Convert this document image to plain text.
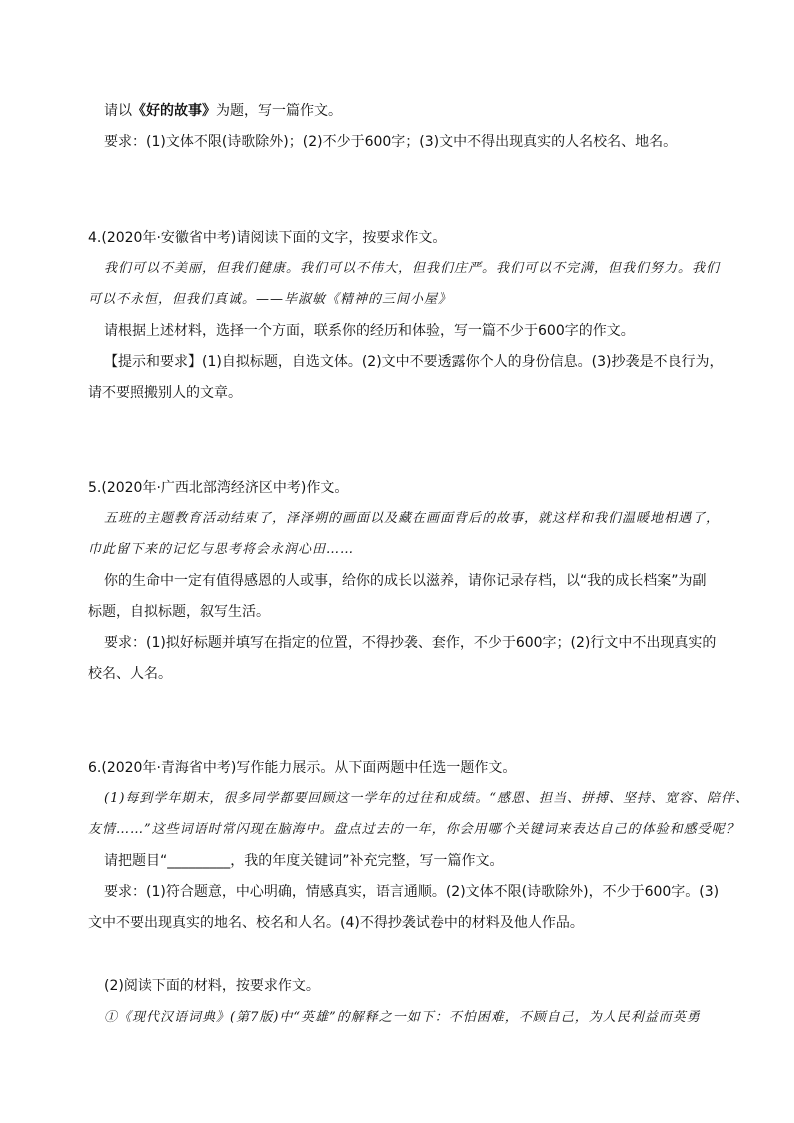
请以《好的故事》为题，写一篇作文。
要求：(1)文体不限(诗歌除外)；(2)不少于600字；(3)文中不得出现真实的人名校名、地名。
4.(2020年·安徽省中考)请阅读下面的文字，按要求作文。
我们可以不美丽，但我们健康。我们可以不伟大，但我们庄严。我们可以不完满，但我们努力。我们
可以不永恒，但我们真诚。——毕淑敏《精神的三间小屋》
请根据上述材料，选择一个方面，联系你的经历和体验，写一篇不少于600字的作文。
【提示和要求】(1)自拟标题，自选文体。(2)文中不要透露你个人的身份信息。(3)抄袭是不良行为，
请不要照搬别人的文章。
5.(2020年·广西北部湾经济区中考)作文。
五班的主题教育活动结束了，泽泽朔的画面以及藏在画面背后的故事，就这样和我们温暖地相遇了，
巾此留下来的记忆与思考将会永润心田……
你的生命中一定有值得感恩的人或事，给你的成长以滋养，请你记录存档，以“我的成长档案”为副
标题，自拟标题，叙写生活。
要求：(1)拟好标题并填写在指定的位置，不得抄袭、套作，不少于600字；(2)行文中不出现真实的
校名、人名。
6.(2020年·青海省中考)写作能力展示。从下面两题中任选一题作文。
(1)每到学年期末，很多同学都要回顾这一学年的过往和成绩。“感恩、担当、拼搏、坚持、宽容、陪伴、
友情……”这些词语时常闪现在脑海中。盘点过去的一年，你会用哪个关键词来表达自己的体验和感受呢？
请把题目“_________，我的年度关键词”补充完整，写一篇作文。
要求：(1)符合题意，中心明确，情感真实，语言通顺。(2)文体不限(诗歌除外)，不少于600字。(3)
文中不要出现真实的地名、校名和人名。(4)不得抄袭试卷中的材料及他人作品。
(2)阅读下面的材料，按要求作文。
①《现代汉语词典》(第7版)中“英雄”的解释之一如下：不怕困难，不顾自己，为人民利益而英勇
